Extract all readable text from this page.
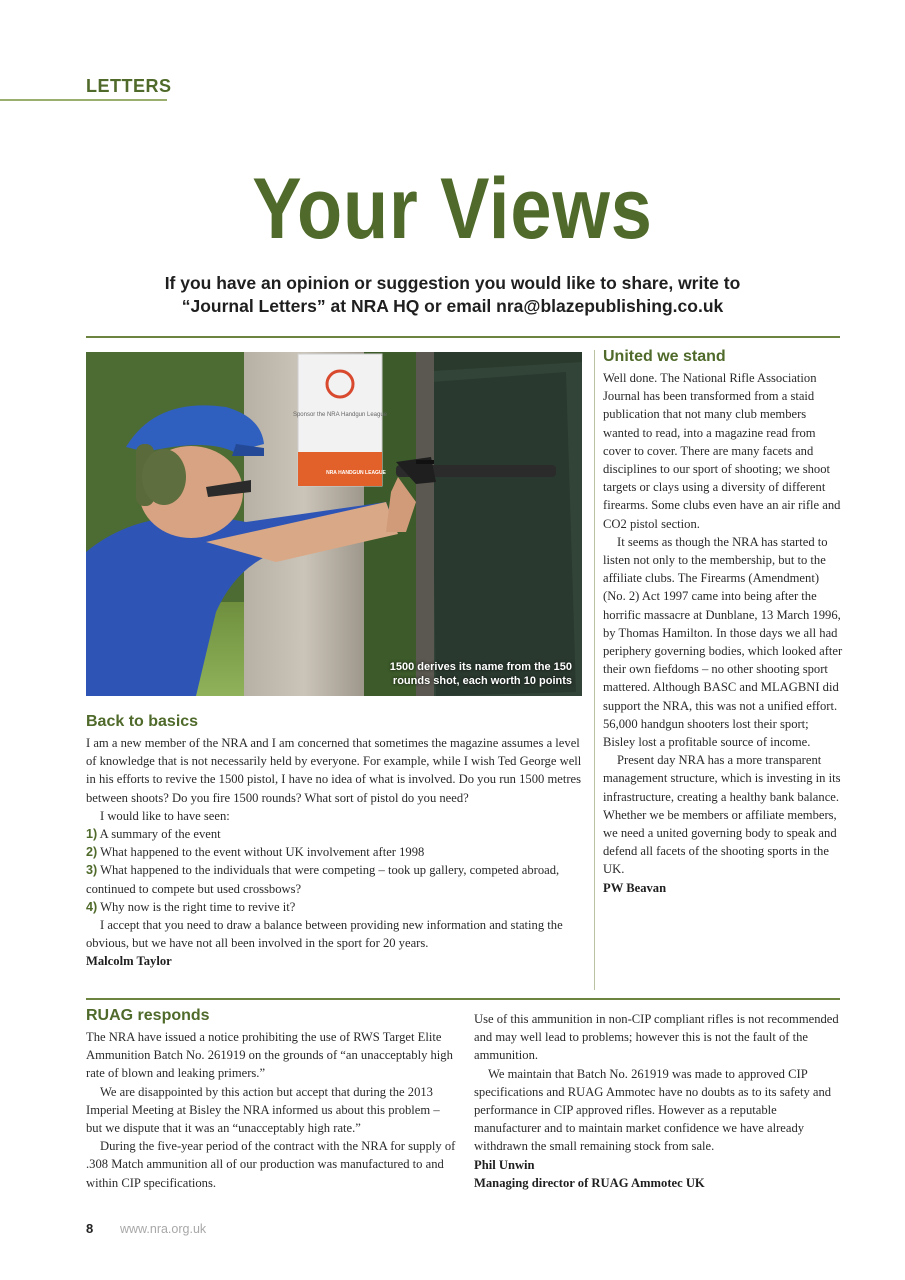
LETTERS
Your Views
If you have an opinion or suggestion you would like to share, write to
“Journal Letters” at NRA HQ or email nra@blazepublishing.co.uk
Sponsor the NRA Handgun League
NRA HANDGUN LEAGUE
1500 derives its name from the 150
rounds shot, each worth 10 points
Back to basics

I am a new member of the NRA and I am concerned that sometimes the magazine assumes a level of knowledge that is not necessarily held by everyone. For example, while I wish Ted George well in his efforts to revive the 1500 pistol, I have no idea of what is involved. Do you run 1500 metres between shoots? Do you fire 1500 rounds? What sort of pistol do you need?

I would like to have seen:

1) A summary of the event

2) What happened to the event without UK involvement after 1998

3) What happened to the individuals that were competing – took up gallery, competed abroad, continued to compete but used crossbows?

4) Why now is the right time to revive it?

I accept that you need to draw a balance between providing new information and stating the obvious, but we have not all been involved in the sport for 20 years.

Malcolm Taylor

United we stand

Well done. The National Rifle Association Journal has been transformed from a staid publication that not many club members wanted to read, into a magazine read from cover to cover. There are many facets and disciplines to our sport of shooting; we shoot targets or clays using a diversity of different firearms. Some clubs even have an air rifle and CO2 pistol section.

It seems as though the NRA has started to listen not only to the membership, but to the affiliate clubs. The Firearms (Amendment) (No. 2) Act 1997 came into being after the horrific massacre at Dunblane, 13 March 1996, by Thomas Hamilton. In those days we all had periphery governing bodies, which looked after their own fiefdoms – no other shooting sport mattered. Although BASC and MLAGBNI did support the NRA, this was not a unified effort. 56,000 handgun shooters lost their sport; Bisley lost a profitable source of income.

Present day NRA has a more transparent management structure, which is investing in its infrastructure, creating a healthy bank balance. Whether we be members or affiliate members, we need a united governing body to speak and defend all facets of the shooting sports in the UK.

PW Beavan

RUAG responds

The NRA have issued a notice prohibiting the use of RWS Target Elite Ammunition Batch No. 261919 on the grounds of “an unacceptably high rate of blown and leaking primers.”

We are disappointed by this action but accept that during the 2013 Imperial Meeting at Bisley the NRA informed us about this problem – but we dispute that it was an “unacceptably high rate.”

During the five-year period of the contract with the NRA for supply of .308 Match ammunition all of our production was manufactured to and within CIP specifications.

Use of this ammunition in non-CIP compliant rifles is not recommended and may well lead to problems; however this is not the fault of the ammunition.

We maintain that Batch No. 261919 was made to approved CIP specifications and RUAG Ammotec have no doubts as to its safety and performance in CIP approved rifles. However as a reputable manufacturer and to maintain market confidence we have already withdrawn the small remaining stock from sale.

Phil Unwin

Managing director of RUAG Ammotec UK

8 www.nra.org.uk
